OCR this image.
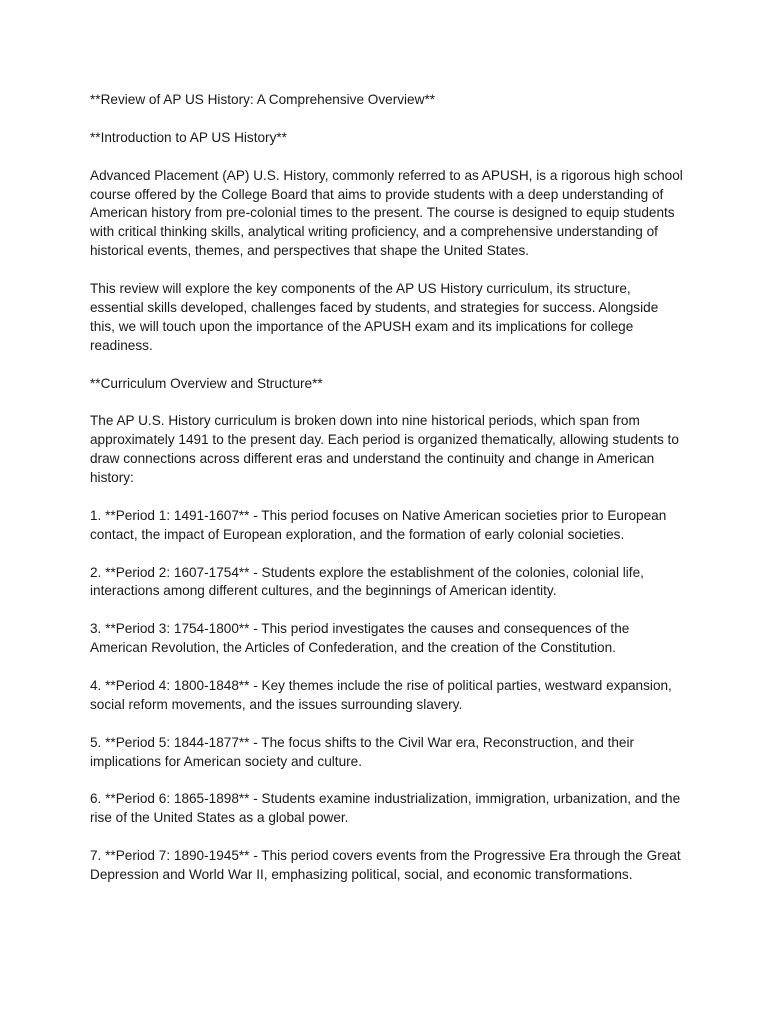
**Review of AP US History: A Comprehensive Overview**

**Introduction to AP US History**

Advanced Placement (AP) U.S. History, commonly referred to as APUSH, is a rigorous high school course offered by the College Board that aims to provide students with a deep understanding of American history from pre-colonial times to the present. The course is designed to equip students with critical thinking skills, analytical writing proficiency, and a comprehensive understanding of historical events, themes, and perspectives that shape the United States.

This review will explore the key components of the AP US History curriculum, its structure, essential skills developed, challenges faced by students, and strategies for success. Alongside this, we will touch upon the importance of the APUSH exam and its implications for college readiness.

**Curriculum Overview and Structure**

The AP U.S. History curriculum is broken down into nine historical periods, which span from approximately 1491 to the present day. Each period is organized thematically, allowing students to draw connections across different eras and understand the continuity and change in American history:

1. **Period 1: 1491-1607** - This period focuses on Native American societies prior to European contact, the impact of European exploration, and the formation of early colonial societies.

2. **Period 2: 1607-1754** - Students explore the establishment of the colonies, colonial life, interactions among different cultures, and the beginnings of American identity.

3. **Period 3: 1754-1800** - This period investigates the causes and consequences of the American Revolution, the Articles of Confederation, and the creation of the Constitution.

4. **Period 4: 1800-1848** - Key themes include the rise of political parties, westward expansion, social reform movements, and the issues surrounding slavery.

5. **Period 5: 1844-1877** - The focus shifts to the Civil War era, Reconstruction, and their implications for American society and culture.

6. **Period 6: 1865-1898** - Students examine industrialization, immigration, urbanization, and the rise of the United States as a global power.

7. **Period 7: 1890-1945** - This period covers events from the Progressive Era through the Great Depression and World War II, emphasizing political, social, and economic transformations.
